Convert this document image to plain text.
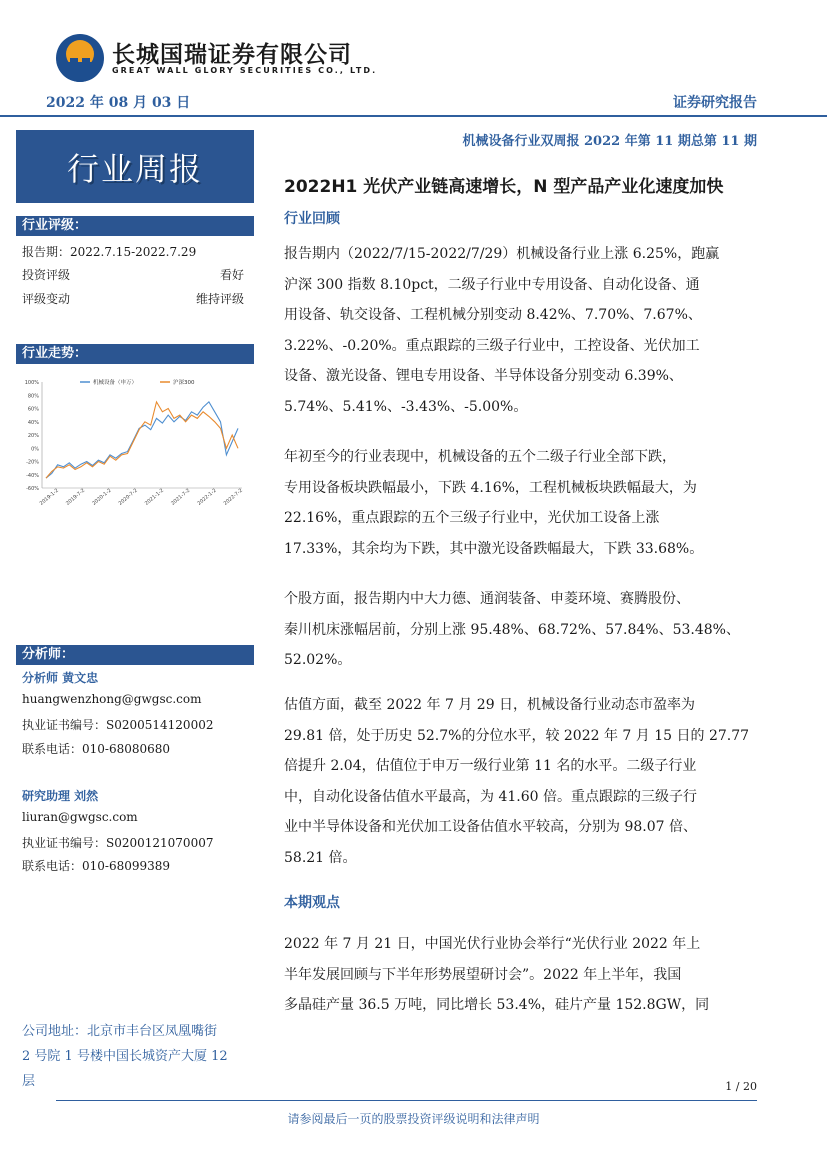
长城国瑞证券有限公司
GREAT WALL GLORY SECURITIES CO., LTD.
2022 年 08 月 03 日	证券研究报告
机械设备行业双周报 2022 年第 11 期总第 11 期
行业周报
行业评级：
报告期：2022.7.15-2022.7.29
投资评级	看好
评级变动	维持评级
行业走势：
100%
80%
60%
40%
20%
0%
-20%
-40%
-60% 2019-1-2 2019-7-2 2020-1-2 2020-7-2 2021-1-2 2021-7-2 2022-1-2 2022-7-2
机械设备（申万）	沪深300
分析师：
分析师 黄文忠
huangwenzhong@gwgsc.com
执业证书编号：S0200514120002
联系电话：010-68080680
研究助理 刘然
liuran@gwgsc.com
执业证书编号：S0200121070007
联系电话：010-68099389
公司地址：北京市丰台区凤凰嘴街
2 号院 1 号楼中国长城资产大厦 12
层
2022H1 光伏产业链高速增长，N 型产品产业化速度加快
行业回顾
报告期内（2022/7/15-2022/7/29）机械设备行业上涨 6.25%，跑赢
沪深 300 指数 8.10pct，二级子行业中专用设备、自动化设备、通
用设备、轨交设备、工程机械分别变动 8.42%、7.70%、7.67%、
3.22%、-0.20%。重点跟踪的三级子行业中，工控设备、光伏加工
设备、激光设备、锂电专用设备、半导体设备分别变动 6.39%、
5.74%、5.41%、-3.43%、-5.00%。
年初至今的行业表现中，机械设备的五个二级子行业全部下跌，
专用设备板块跌幅最小，下跌 4.16%，工程机械板块跌幅最大，为
22.16%，重点跟踪的五个三级子行业中，光伏加工设备上涨
17.33%，其余均为下跌，其中激光设备跌幅最大，下跌 33.68%。
个股方面，报告期内中大力德、通润装备、申菱环境、赛腾股份、
秦川机床涨幅居前，分别上涨 95.48%、68.72%、57.84%、53.48%、
52.02%。
估值方面，截至 2022 年 7 月 29 日，机械设备行业动态市盈率为
29.81 倍，处于历史 52.7%的分位水平，较 2022 年 7 月 15 日的 27.77
倍提升 2.04，估值位于申万一级行业第 11 名的水平。二级子行业
中，自动化设备估值水平最高，为 41.60 倍。重点跟踪的三级子行
业中半导体设备和光伏加工设备估值水平较高，分别为 98.07 倍、
58.21 倍。
本期观点
2022 年 7 月 21 日，中国光伏行业协会举行“光伏行业 2022 年上
半年发展回顾与下半年形势展望研讨会”。2022 年上半年，我国
多晶硅产量 36.5 万吨，同比增长 53.4%，硅片产量 152.8GW，同
1 / 20
请参阅最后一页的股票投资评级说明和法律声明
